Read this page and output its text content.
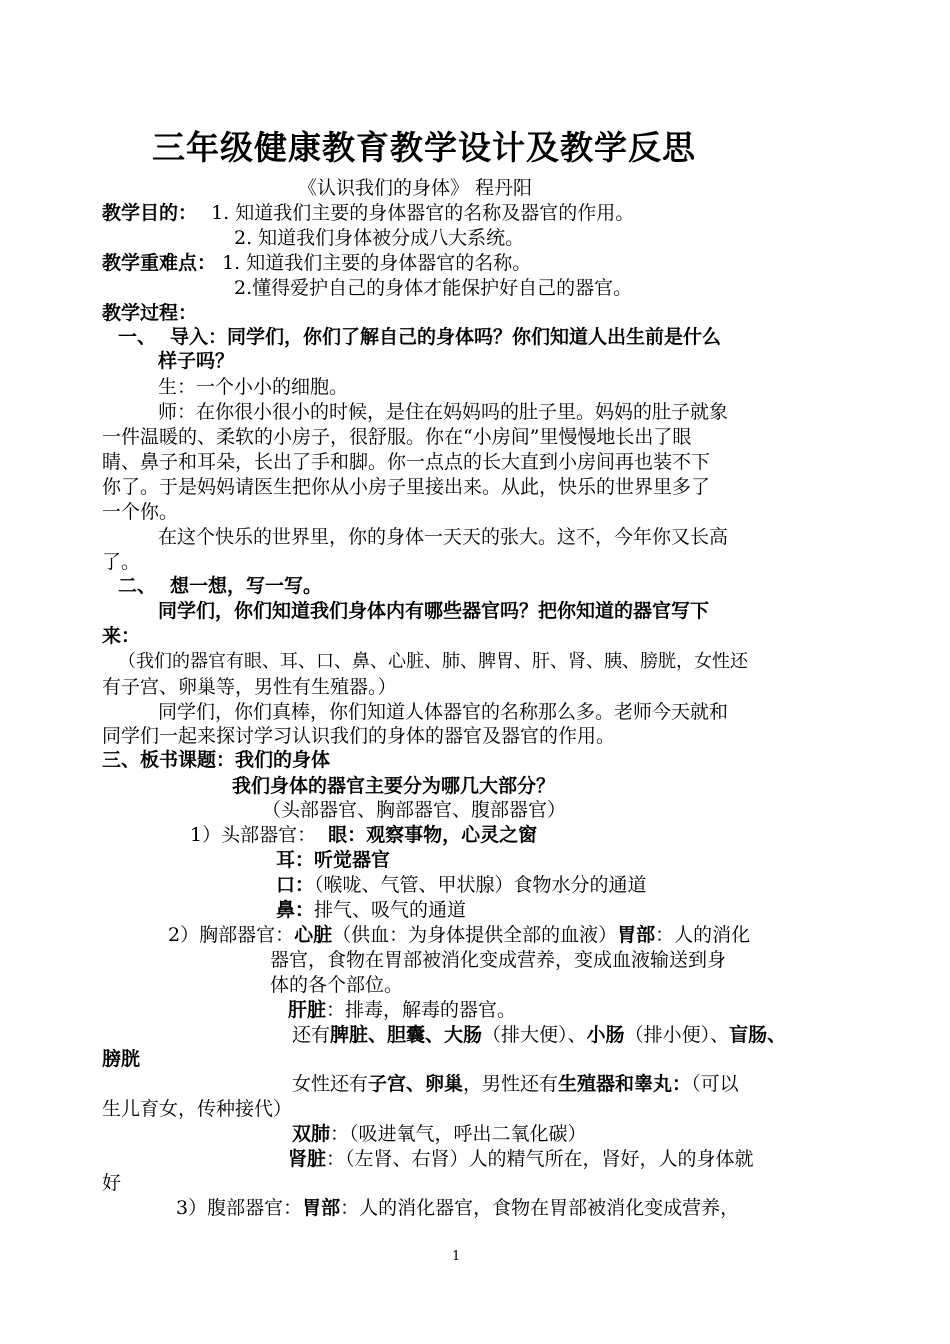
三年级健康教育教学设计及教学反思
《认识我们的身体》 程丹阳
教学目的： 1. 知道我们主要的身体器官的名称及器官的作用。
2. 知道我们身体被分成八大系统。
教学重难点： 1. 知道我们主要的身体器官的名称。
2.懂得爱护自己的身体才能保护好自己的器官。
教学过程：
一、 导入：同学们，你们了解自己的身体吗？你们知道人出生前是什么
样子吗？
生：一个小小的细胞。
师：在你很小很小的时候，是住在妈妈吗的肚子里。妈妈的肚子就象
一件温暖的、柔软的小房子，很舒服。你在“小房间”里慢慢地长出了眼
睛、鼻子和耳朵，长出了手和脚。你一点点的长大直到小房间再也装不下
你了。于是妈妈请医生把你从小房子里接出来。从此，快乐的世界里多了
一个你。
在这个快乐的世界里，你的身体一天天的张大。这不，今年你又长高
了。
二、 想一想，写一写。
同学们，你们知道我们身体内有哪些器官吗？把你知道的器官写下
来：
（我们的器官有眼、耳、口、鼻、心脏、肺、脾胃、肝、肾、胰、膀胱，女性还
有子宫、卵巢等，男性有生殖器。）
同学们，你们真棒，你们知道人体器官的名称那么多。老师今天就和
同学们一起来探讨学习认识我们的身体的器官及器官的作用。
三、板书课题：我们的身体
我们身体的器官主要分为哪几大部分？
（头部器官、胸部器官、腹部器官）
1）头部器官： 眼：观察事物，心灵之窗
耳：听觉器官
口：（喉咙、气管、甲状腺）食物水分的通道
鼻：排气、吸气的通道
2）胸部器官：心脏（供血：为身体提供全部的血液）胃部：人的消化
器官，食物在胃部被消化变成营养，变成血液输送到身
体的各个部位。
肝脏：排毒，解毒的器官。
还有脾脏、胆囊、大肠（排大便）、小肠（排小便）、盲肠、
膀胱
女性还有子宫、卵巢，男性还有生殖器和睾丸：（可以
生儿育女，传种接代）
双肺：（吸进氧气，呼出二氧化碳）
肾脏：（左肾、右肾）人的精气所在，肾好，人的身体就
好
3）腹部器官：胃部：人的消化器官，食物在胃部被消化变成营养，
1
